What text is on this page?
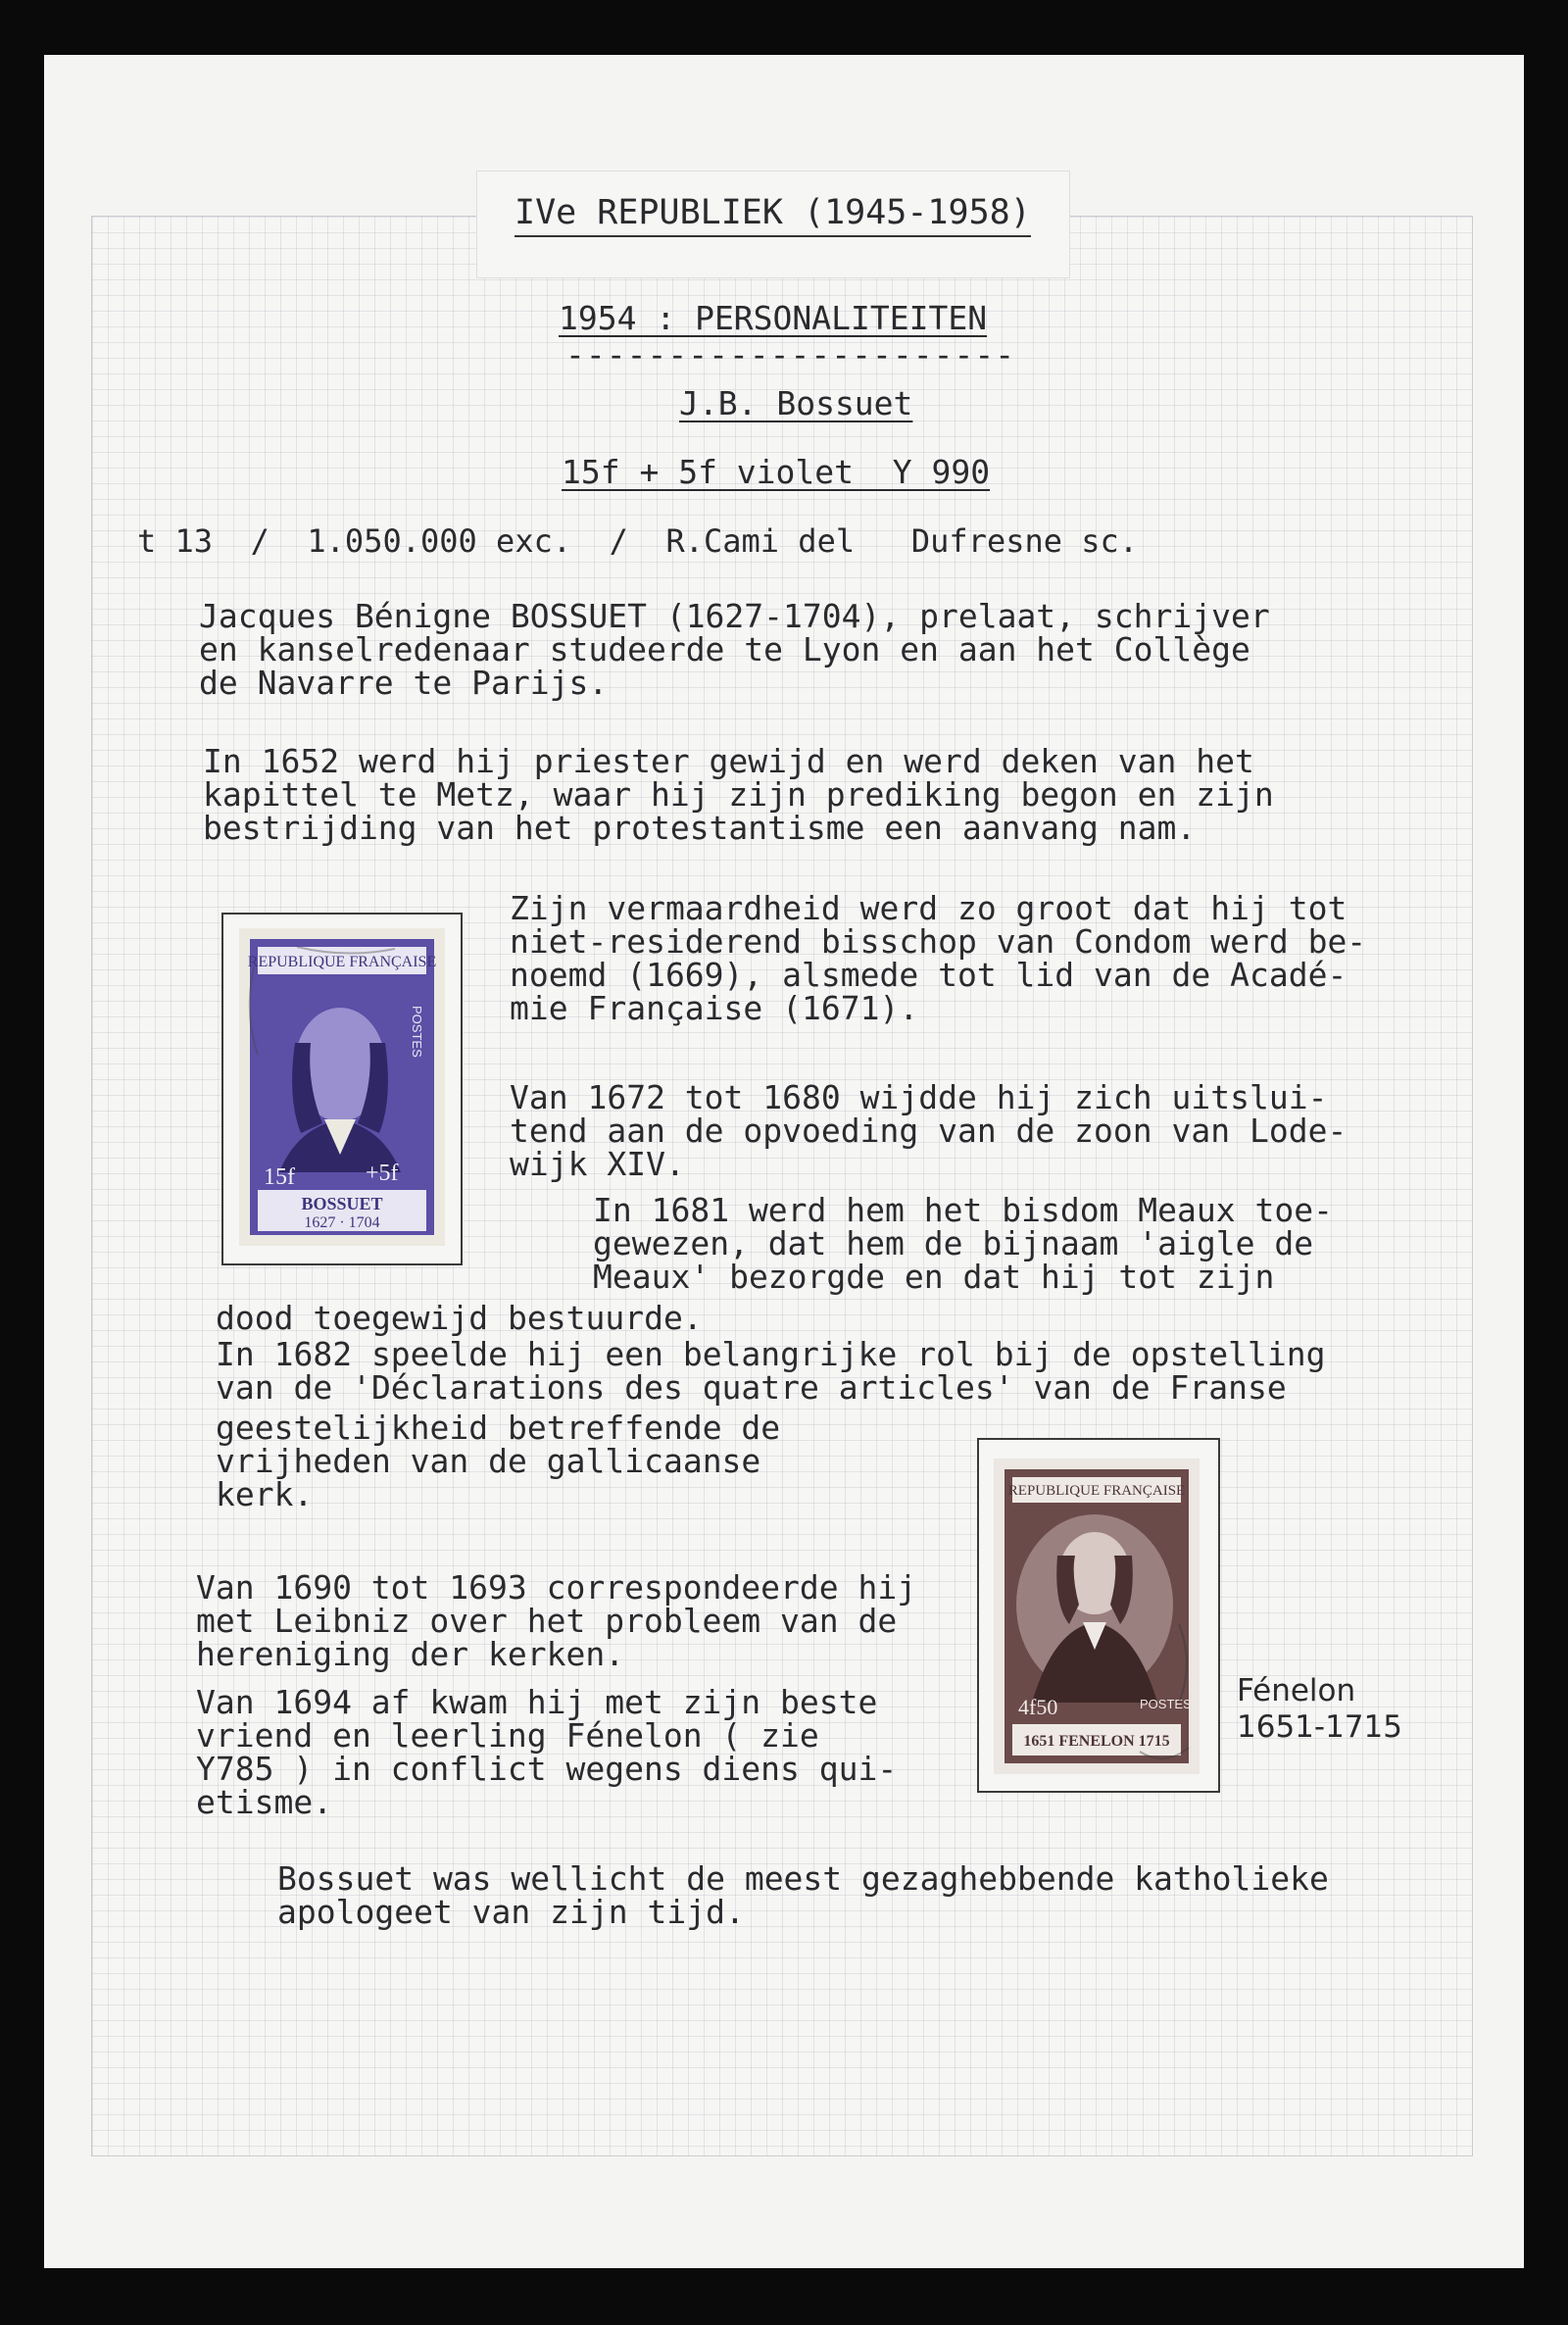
IVe REPUBLIEK (1945-1958)
1954 : PERSONALITEITEN
----------------------
J.B. Bossuet
15f + 5f violet  Y 990
t 13  /  1.050.000 exc.  /  R.Cami del   Dufresne sc.
Jacques Bénigne BOSSUET (1627-1704), prelaat, schrijver
en kanselredenaar studeerde te Lyon en aan het Collège
de Navarre te Parijs.
In 1652 werd hij priester gewijd en werd deken van het
kapittel te Metz, waar hij zijn prediking begon en zijn
bestrijding van het protestantisme een aanvang nam.
Zijn vermaardheid werd zo groot dat hij tot
niet-residerend bisschop van Condom werd be-
noemd (1669), alsmede tot lid van de Acadé-
mie Française (1671).
Van 1672 tot 1680 wijdde hij zich uitslui-
tend aan de opvoeding van de zoon van Lode-
wijk XIV.
In 1681 werd hem het bisdom Meaux toe-
gewezen, dat hem de bijnaam 'aigle de
Meaux' bezorgde en dat hij tot zijn
dood toegewijd bestuurde.
In 1682 speelde hij een belangrijke rol bij de opstelling
van de 'Déclarations des quatre articles' van de Franse
geestelijkheid betreffende de
vrijheden van de gallicaanse
kerk.
Van 1690 tot 1693 correspondeerde hij
met Leibniz over het probleem van de
hereniging der kerken.
Van 1694 af kwam hij met zijn beste
vriend en leerling Fénelon ( zie
Y785 ) in conflict wegens diens qui-
etisme.
Bossuet was wellicht de meest gezaghebbende katholieke
apologeet van zijn tijd.
REPUBLIQUE FRANÇAISE
POSTES
15f	+5f
BOSSUET
1627 · 1704
REPUBLIQUE FRANÇAISE
POSTES
4f50
1651 FENELON 1715
Fénelon
1651-1715
